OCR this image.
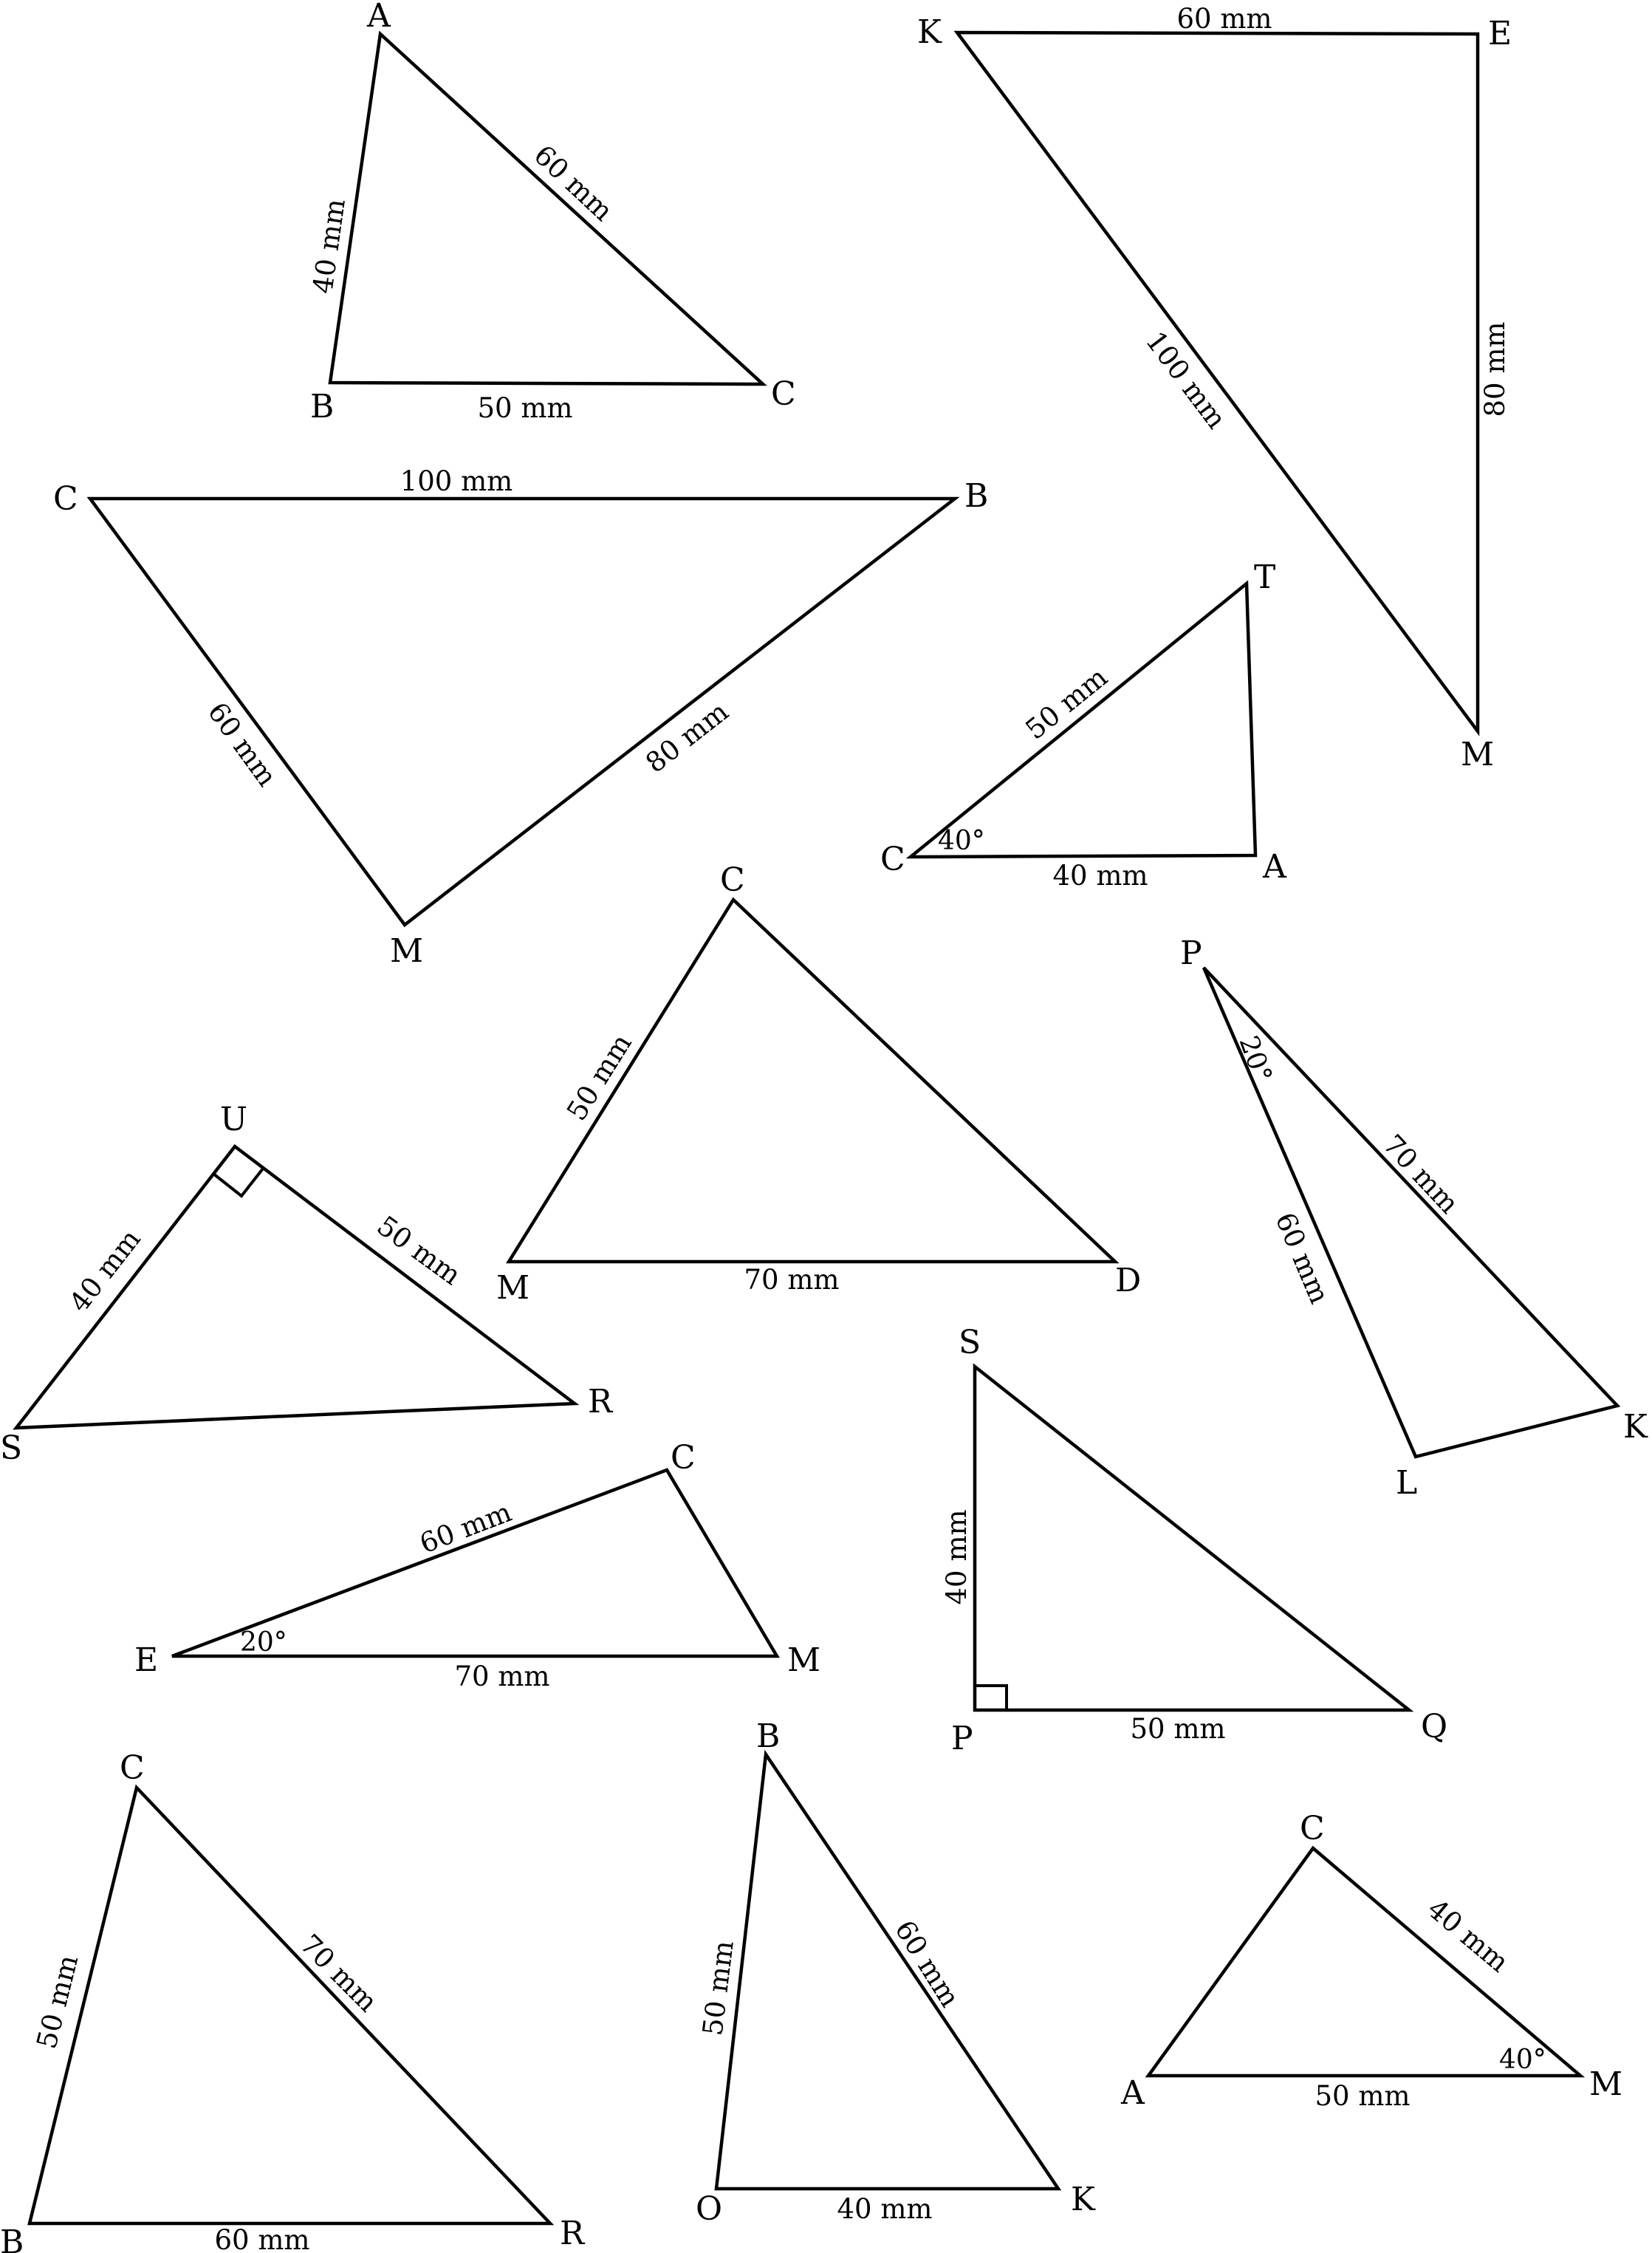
A
B	C
40 mm
60 mm
50 mm
K	E
M
60 mm
80 mm
100 mm
C	B
M
100 mm
60 mm	80 mm
T
C	A
50 mm
40 mm
40°
C
M	D
50 mm
70 mm
P
L
K
70 mm
60 mm
20°
U
S
R
40 mm	50 mm
S
P	Q
40 mm
50 mm
C
E	M
60 mm
70 mm
20°
C
B	R
50 mm	70 mm
60 mm
B
O	K
50 mm	60 mm
40 mm
C
A	M
40 mm
50 mm
40°
